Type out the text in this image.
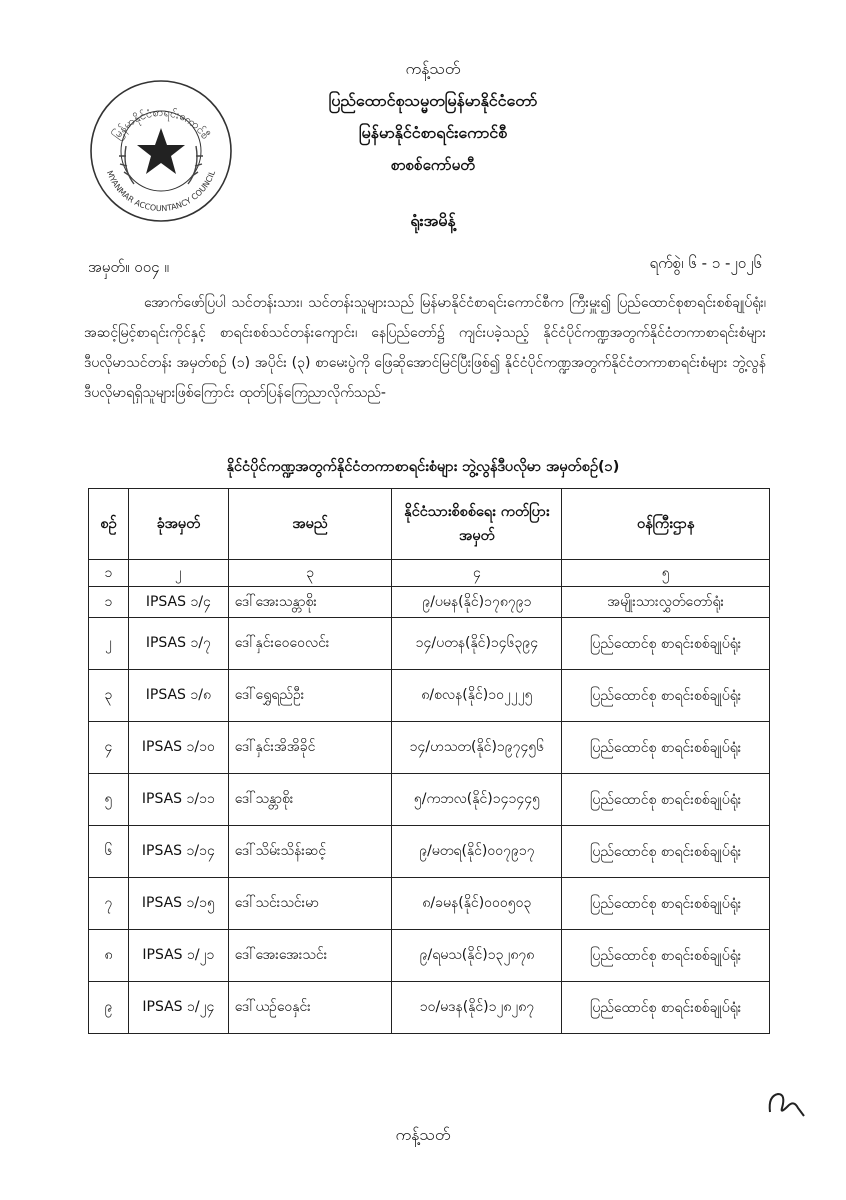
မြန်မာနိုင်ငံစာရင်းကောင်စီ
MYANMAR ACCOUNTANCY COUNCIL
ကန့်သတ်
ပြည်ထောင်စုသမ္မတမြန်မာနိုင်ငံတော်
မြန်မာနိုင်ငံစာရင်းကောင်စီ
စာစစ်ကော်မတီ
ရုံးအမိန့်
အမှတ်။ ၀၀၄ ။	ရက်စွဲ၊ ၆ - ၁ -၂၀၂၆
အောက်ဖော်ပြပါ သင်တန်းသား၊ သင်တန်းသူများသည် မြန်မာနိုင်ငံစာရင်းကောင်စီက ကြီးမှူး၍ ပြည်ထောင်စုစာရင်းစစ်ချုပ်ရုံး၊ အဆင့်မြင့်စာရင်းကိုင်နှင့် စာရင်းစစ်သင်တန်းကျောင်း၊ နေပြည်တော်၌ ကျင်းပခဲ့သည့် နိုင်ငံပိုင်ကဏ္ဍအတွက်နိုင်ငံတကာစာရင်းစံများဒီပလိုမာသင်တန်း အမှတ်စဉ် (၁) အပိုင်း (၃) စာမေးပွဲကို ဖြေဆိုအောင်မြင်ပြီးဖြစ်၍ နိုင်ငံပိုင်ကဏ္ဍအတွက်နိုင်ငံတကာစာရင်းစံများ ဘွဲ့လွန် ဒီပလိုမာရရှိသူများဖြစ်ကြောင်း ထုတ်ပြန်ကြေညာလိုက်သည်-
နိုင်ငံပိုင်ကဏ္ဍအတွက်နိုင်ငံတကာစာရင်းစံများ ဘွဲ့လွန်ဒီပလိုမာ အမှတ်စဉ်(၁)
စဉ်	ခုံအမှတ်	အမည်	နိုင်ငံသားစိစစ်ရေး ကတ်ပြားအမှတ်	ဝန်ကြီးဌာန
၁	၂	၃	၄	၅
၁	IPSAS ၁/၄	ဒေါ်အေးသန္တာစိုး	၉/ပမန(နိုင်)၁၇၈၇၉၁	အမျိုးသားလွှတ်တော်ရုံး
၂	IPSAS ၁/၇	ဒေါ်နှင်းဝေဝေလင်း	၁၄/ပတန(နိုင်)၁၄၆၃၉၄	ပြည်ထောင်စု စာရင်းစစ်ချုပ်ရုံး
၃	IPSAS ၁/၈	ဒေါ်ရွှေရည်ဦး	၈/စလန(နိုင်)၁၀၂၂၂၅	ပြည်ထောင်စု စာရင်းစစ်ချုပ်ရုံး
၄	IPSAS ၁/၁၀	ဒေါ်နှင်းအိအိခိုင်	၁၄/ဟသတ(နိုင်)၁၉၇၄၅၆	ပြည်ထောင်စု စာရင်းစစ်ချုပ်ရုံး
၅	IPSAS ၁/၁၁	ဒေါ်သန္တာစိုး	၅/ကဘလ(နိုင်)၁၄၁၄၄၅	ပြည်ထောင်စု စာရင်းစစ်ချုပ်ရုံး
၆	IPSAS ၁/၁၄	ဒေါ်သိမ်းသိန်းဆင့်	၉/မတရ(နိုင်)၀၀၇၉၁၇	ပြည်ထောင်စု စာရင်းစစ်ချုပ်ရုံး
၇	IPSAS ၁/၁၅	ဒေါ်သင်းသင်းမာ	၈/ခမန(နိုင်)၀၀၀၅၀၃	ပြည်ထောင်စု စာရင်းစစ်ချုပ်ရုံး
၈	IPSAS ၁/၂၁	ဒေါ်အေးအေးသင်း	၉/ရမသ(နိုင်)၁၃၂၈၇၈	ပြည်ထောင်စု စာရင်းစစ်ချုပ်ရုံး
၉	IPSAS ၁/၂၄	ဒေါ်ယဉ်ဝေနှင်း	၁၀/မဒန(နိုင်)၁၂၈၂၈၇	ပြည်ထောင်စု စာရင်းစစ်ချုပ်ရုံး
ကန့်သတ်
